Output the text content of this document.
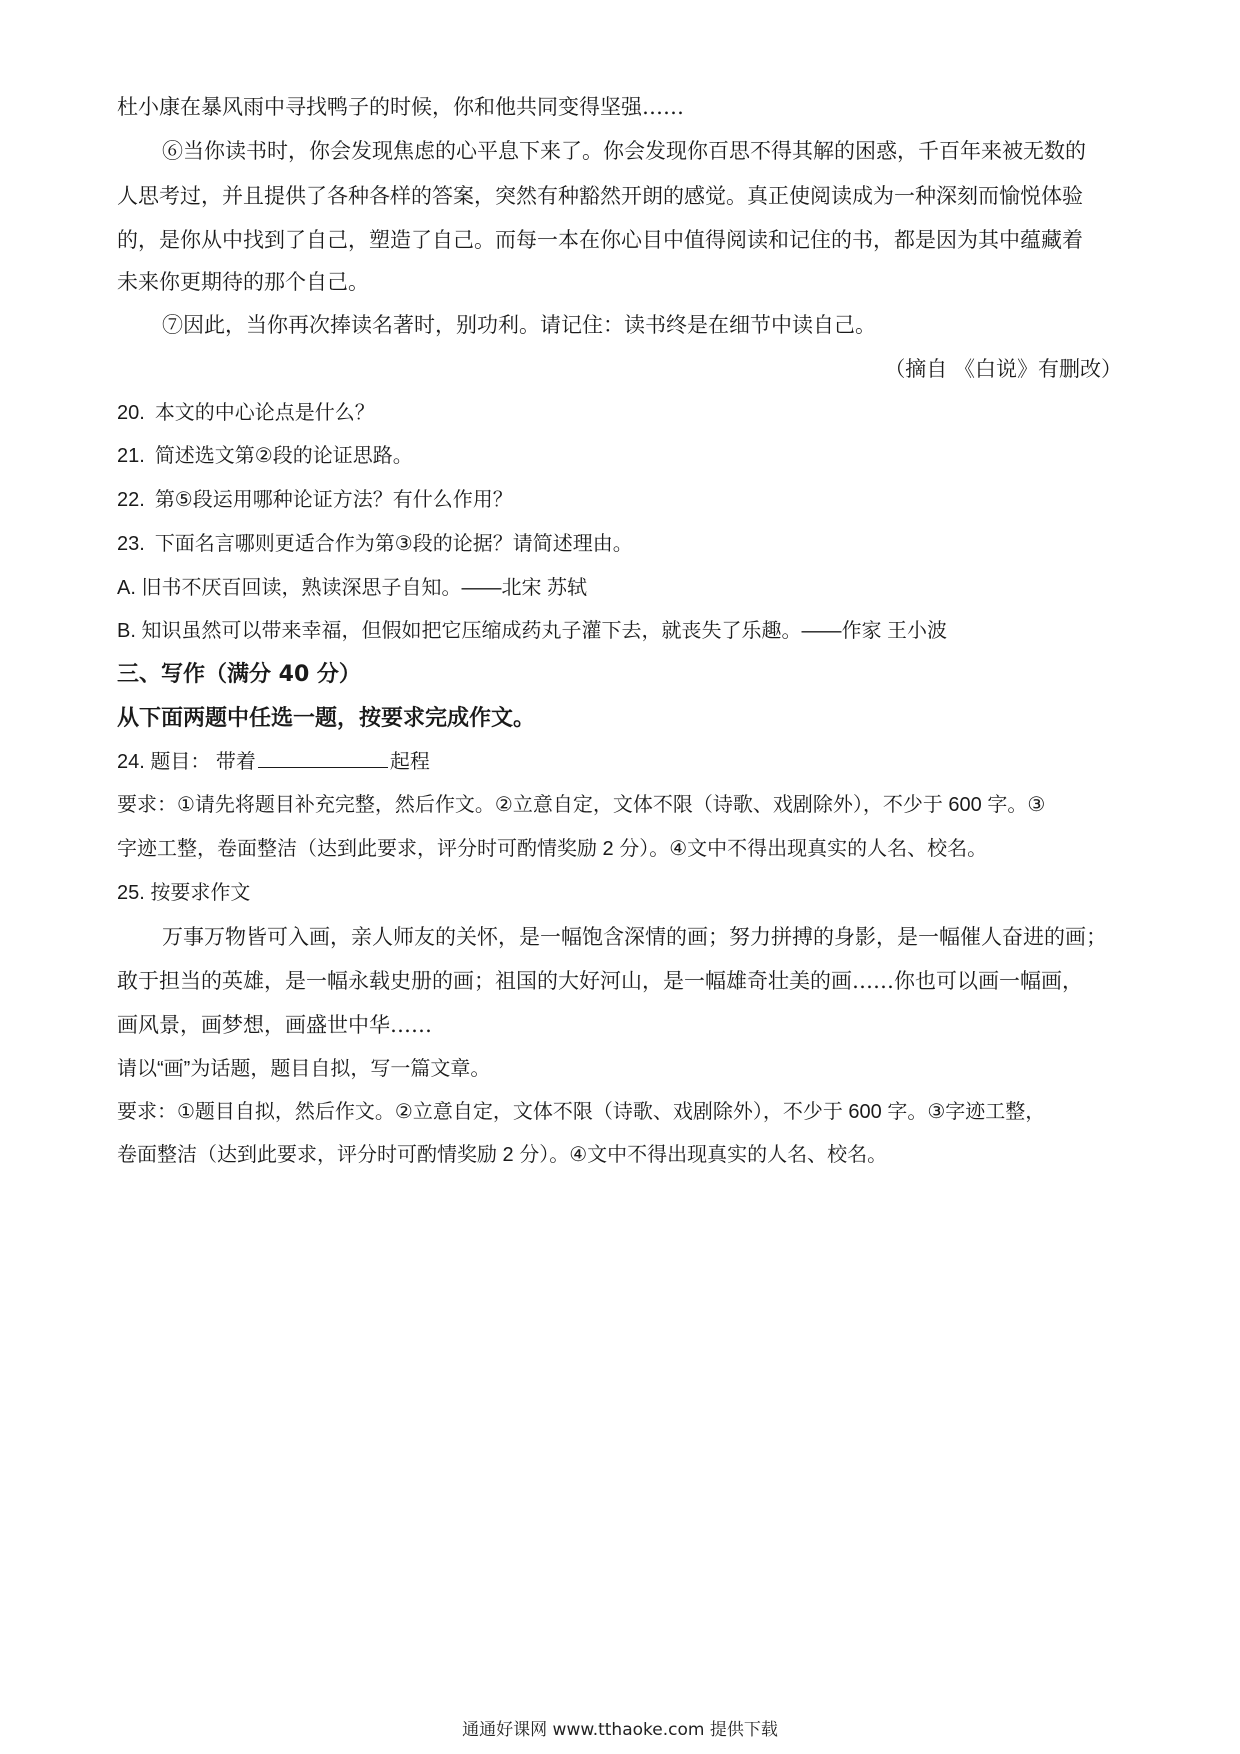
杜小康在暴风雨中寻找鸭子的时候，你和他共同变得坚强……
⑥当你读书时，你会发现焦虑的心平息下来了。你会发现你百思不得其解的困惑，千百年来被无数的
人思考过，并且提供了各种各样的答案，突然有种豁然开朗的感觉。真正使阅读成为一种深刻而愉悦体验
的，是你从中找到了自己，塑造了自己。而每一本在你心目中值得阅读和记住的书，都是因为其中蕴藏着
未来你更期待的那个自己。
⑦因此，当你再次捧读名著时，别功利。请记住：读书终是在细节中读自己。
（摘自 《白说》有删改）
20. 本文的中心论点是什么？
21. 简述选文第②段的论证思路。
22. 第⑤段运用哪种论证方法？有什么作用？
23. 下面名言哪则更适合作为第③段的论据？请简述理由。
A. 旧书不厌百回读，熟读深思子自知。——北宋 苏轼
B. 知识虽然可以带来幸福，但假如把它压缩成药丸子灌下去，就丧失了乐趣。——作家 王小波
三、写作（满分 40 分）
从下面两题中任选一题，按要求完成作文。
24. 题目： 带着	起程
要求：①请先将题目补充完整，然后作文。②立意自定，文体不限（诗歌、戏剧除外），不少于 600 字。③
字迹工整，卷面整洁（达到此要求，评分时可酌情奖励 2 分）。④文中不得出现真实的人名、校名。
25. 按要求作文
万事万物皆可入画，亲人师友的关怀，是一幅饱含深情的画；努力拼搏的身影，是一幅催人奋进的画；
敢于担当的英雄，是一幅永载史册的画；祖国的大好河山，是一幅雄奇壮美的画……你也可以画一幅画，
画风景，画梦想，画盛世中华……
请以“画”为话题，题目自拟，写一篇文章。
要求：①题目自拟，然后作文。②立意自定，文体不限（诗歌、戏剧除外），不少于 600 字。③字迹工整，
卷面整洁（达到此要求，评分时可酌情奖励 2 分）。④文中不得出现真实的人名、校名。
通通好课网 www.tthaoke.com 提供下载
